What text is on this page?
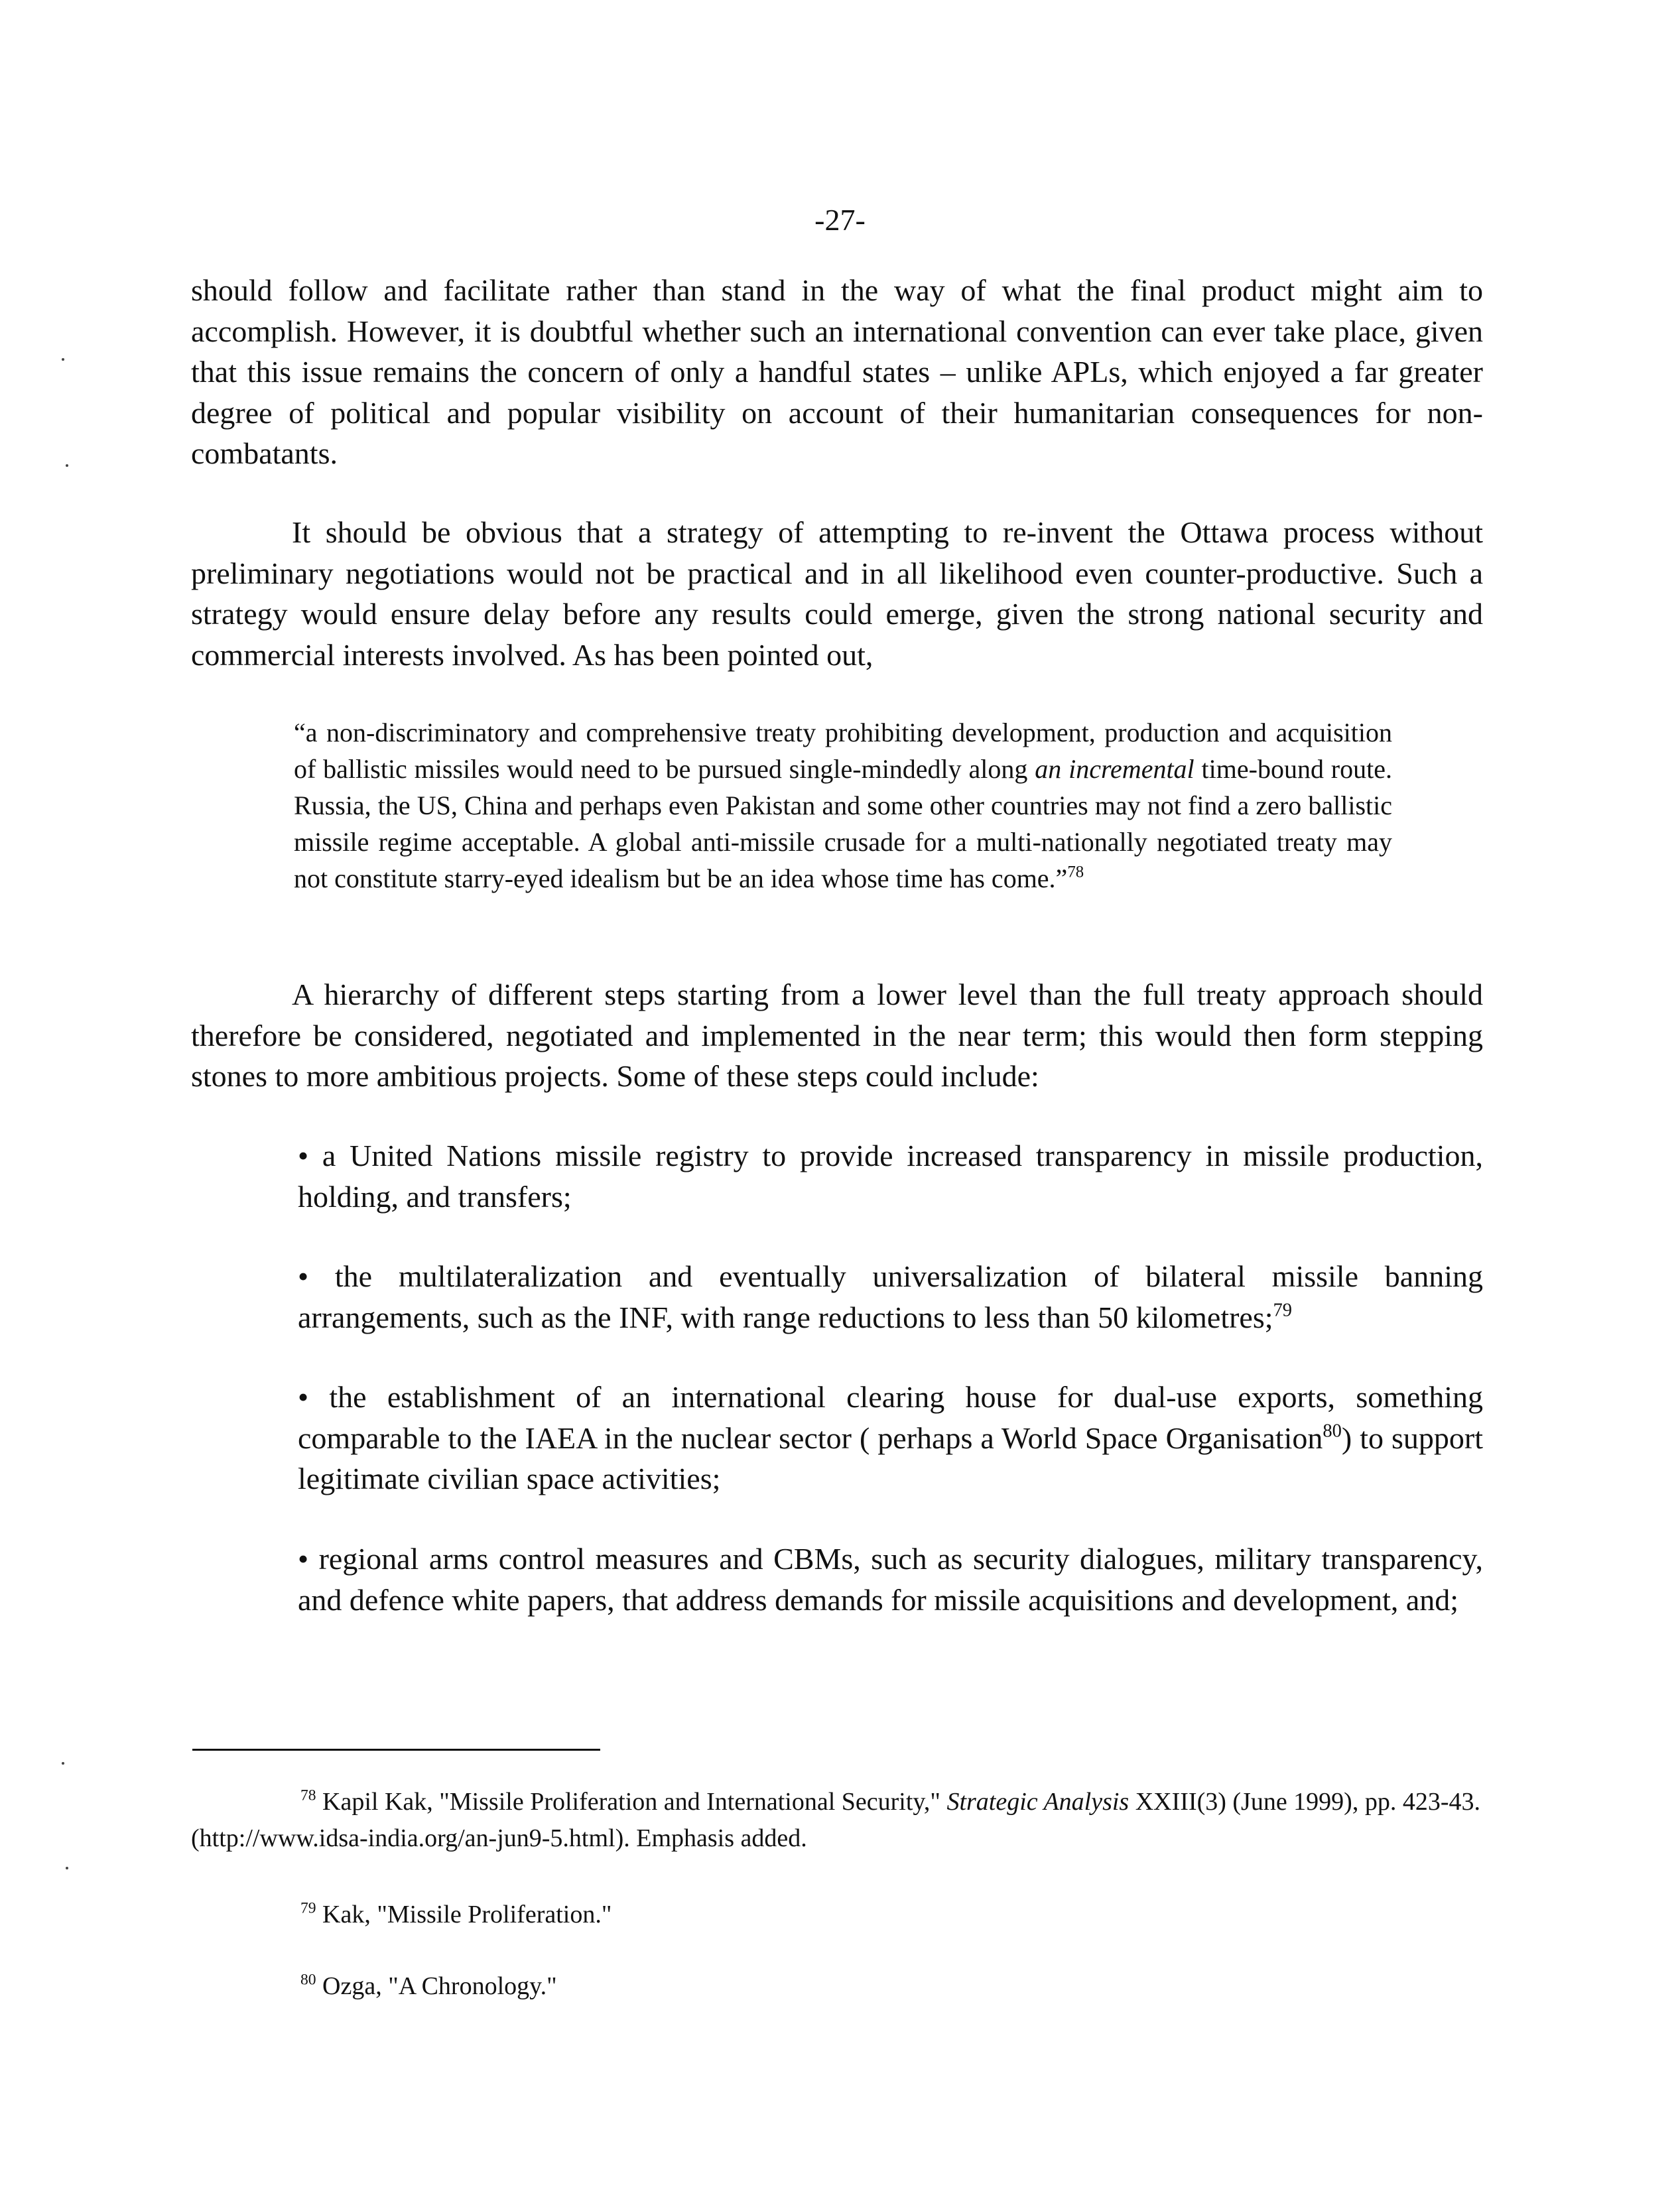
-27-

should follow and facilitate rather than stand in the way of what the final product might aim to accomplish. However, it is doubtful whether such an international convention can ever take place, given that this issue remains the concern of only a handful states – unlike APLs, which enjoyed a far greater degree of political and popular visibility on account of their humanitarian consequences for non-combatants.

It should be obvious that a strategy of attempting to re-invent the Ottawa process without preliminary negotiations would not be practical and in all likelihood even counter-productive. Such a strategy would ensure delay before any results could emerge, given the strong national security and commercial interests involved. As has been pointed out,

“a non-discriminatory and comprehensive treaty prohibiting development, production and acquisition of ballistic missiles would need to be pursued single-mindedly along an incremental time-bound route. Russia, the US, China and perhaps even Pakistan and some other countries may not find a zero ballistic missile regime acceptable. A global anti-missile crusade for a multi-nationally negotiated treaty may not constitute starry-eyed idealism but be an idea whose time has come.”$^{78}$

A hierarchy of different steps starting from a lower level than the full treaty approach should therefore be considered, negotiated and implemented in the near term; this would then form stepping stones to more ambitious projects. Some of these steps could include:

• a United Nations missile registry to provide increased transparency in missile production, holding, and transfers;

• the multilateralization and eventually universalization of bilateral missile banning arrangements, such as the INF, with range reductions to less than 50 kilometres;$^{79}$

• the establishment of an international clearing house for dual-use exports, something comparable to the IAEA in the nuclear sector ( perhaps a World Space Organisation$^{80}$) to support legitimate civilian space activities;

• regional arms control measures and CBMs, such as security dialogues, military transparency, and defence white papers, that address demands for missile acquisitions and development, and;

$^{78}$ Kapil Kak, "Missile Proliferation and International Security," Strategic Analysis XXIII(3) (June 1999), pp. 423-43. (http://www.idsa-india.org/an-jun9-5.html). Emphasis added.

$^{79}$ Kak, "Missile Proliferation."

$^{80}$ Ozga, "A Chronology."
